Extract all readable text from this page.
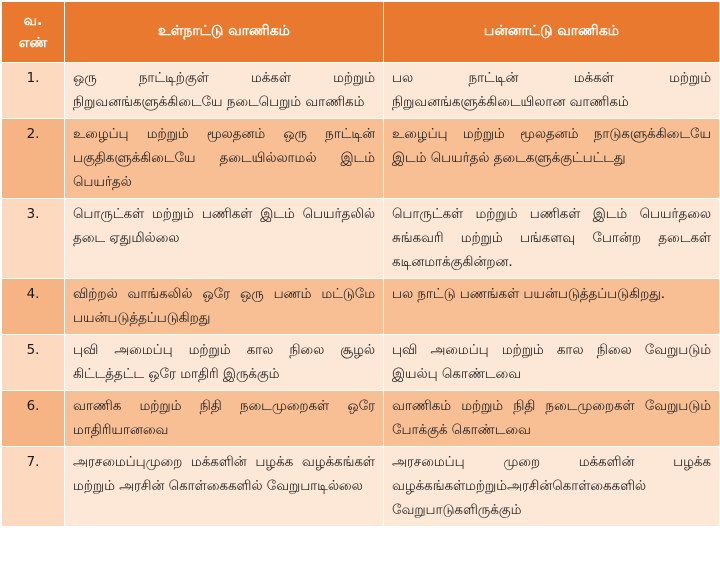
வ.
எண்	உள்நாட்டு வாணிகம்	பன்னாட்டு வாணிகம்
1.	ஒரு நாட்டிற்குள் மக்கள் மற்றும் நிறுவனங்களுக்கிடையே நடைபெறும் வாணிகம்	பல நாட்டின் மக்கள் மற்றும் நிறுவனங்களுக்கிடையிலான வாணிகம்
2.	உழைப்பு மற்றும் மூலதனம் ஒரு நாட்டின் பகுதிகளுக்கிடையே தடையில்லாமல் இடம் பெயர்தல்	உழைப்பு மற்றும் மூலதனம் நாடுகளுக்கிடையே இடம் பெயர்தல் தடைகளுக்குட்பட்டது
3.	பொருட்கள் மற்றும் பணிகள் இடம் பெயர்தலில் தடை ஏதுமில்லை	பொருட்கள் மற்றும் பணிகள் இடம் பெயர்தலை சுங்கவரி மற்றும் பங்களவு போன்ற தடைகள் கடினமாக்குகின்றன.
4.	விற்றல் வாங்கலில் ஒரே ஒரு பணம் மட்டுமே பயன்படுத்தப்படுகிறது	பல நாட்டு பணங்கள் பயன்படுத்தப்படுகிறது.
5.	புவி அமைப்பு மற்றும் கால நிலை சூழல் கிட்டத்தட்ட ஒரே மாதிரி இருக்கும்	புவி அமைப்பு மற்றும் கால நிலை வேறுபடும் இயல்பு கொண்டவை
6.	வாணிக மற்றும் நிதி நடைமுறைகள் ஒரே மாதிரியானவை	வாணிகம் மற்றும் நிதி நடைமுறைகள் வேறுபடும் போக்குக் கொண்டவை
7.	அரசமைப்புமுறை மக்களின் பழக்க வழக்கங்கள் மற்றும் அரசின் கொள்கைகளில் வேறுபாடில்லை	அரசமைப்பு முறை மக்களின் பழக்க வழக்கங்கள்மற்றும்அரசின்கொள்கைகளில் வேறுபாடுகளிருக்கும்
